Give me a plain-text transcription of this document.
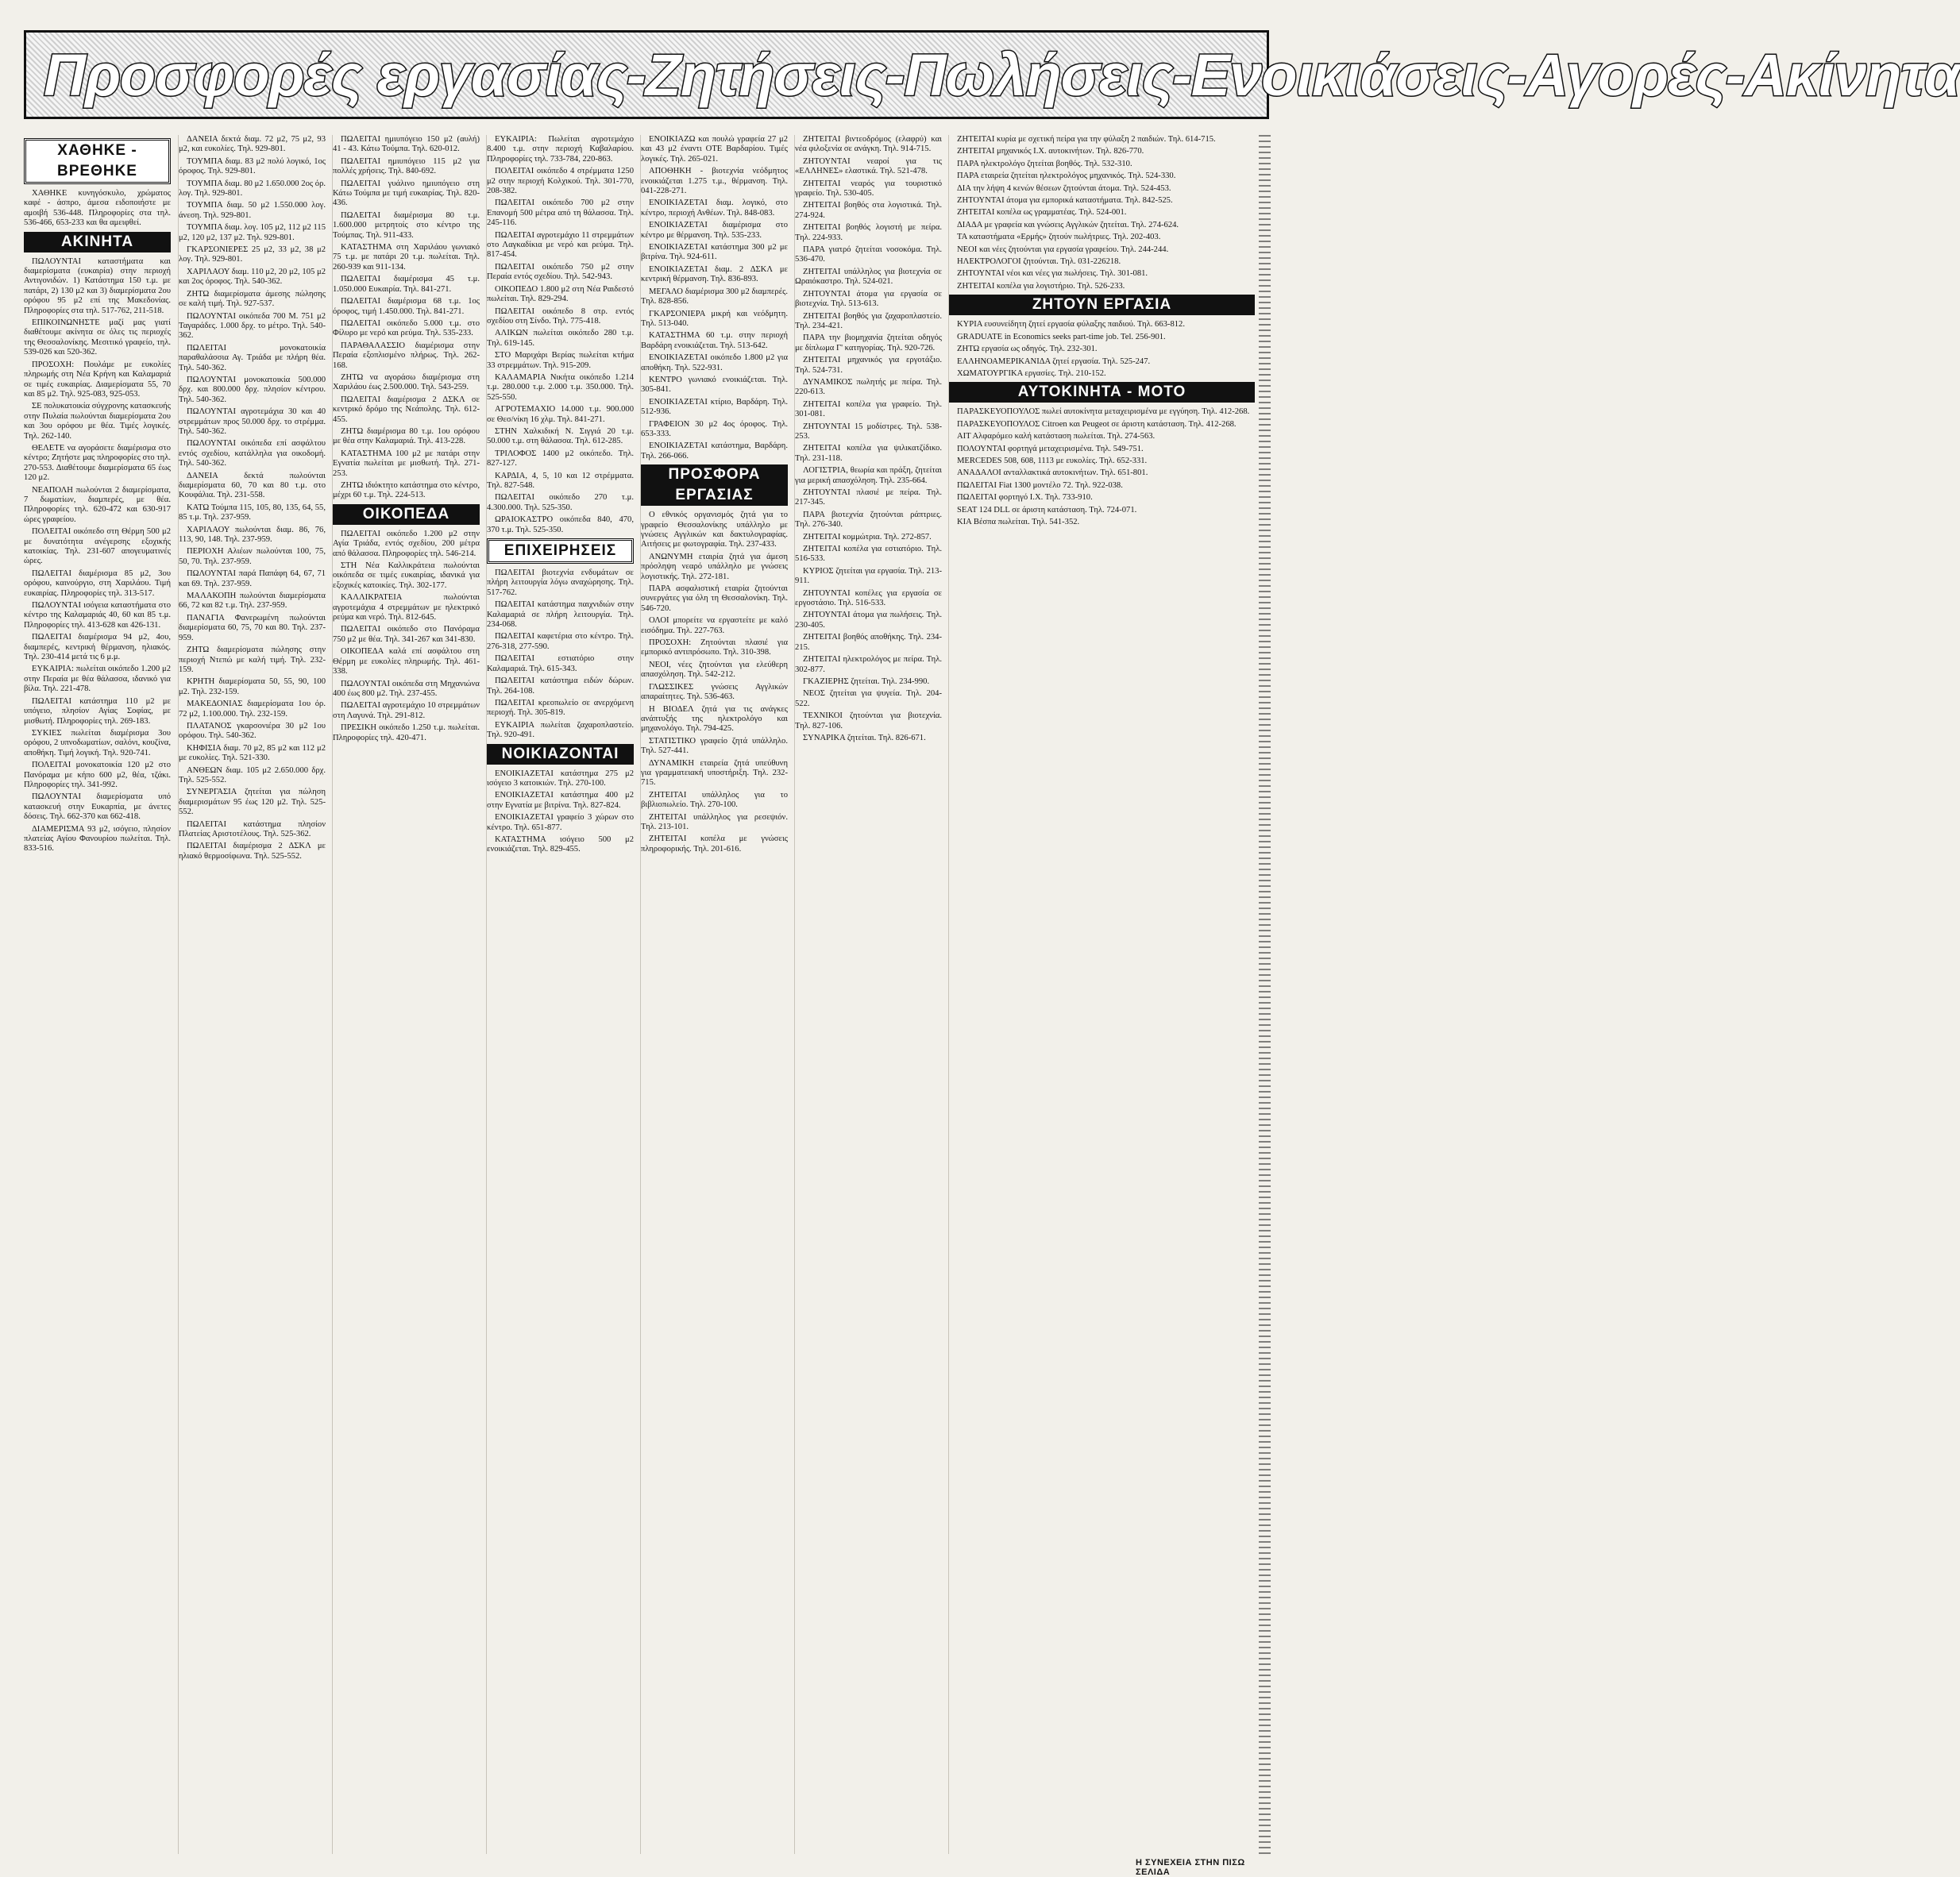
Προσφορές εργασίας-Ζητήσεις-Πωλήσεις-Ενοικιάσεις-Αγορές-Ακίνητα
ΧΑΘΗΚΕ - ΒΡΕΘΗΚΕ
ΧΑΘΗΚΕ κυνηγόσκυλο, χρώματος καφέ - άσπρο, άμεσα ειδοποιήστε με αμοιβή 536-448. Πληροφορίες στα τηλ. 536-466, 653-233 και θα αμειφθεί.
ΑΚΙΝΗΤΑ
ΠΩΛΟΥΝΤΑΙ καταστήματα και διαμερίσματα (ευκαιρία) στην περιοχή Αντιγονιδών. 1) Κατάστημα 150 τ.μ. με πατάρι, 2) 130 μ2 και 3) διαμερίσματα 2ου ορόφου 95 μ2 επί της Μακεδονίας. Πληροφορίες στα τηλ. 517-762, 211-518.
ΕΠΙΚΟΙΝΩΝΗΣΤΕ μαζί μας γιατί διαθέτουμε ακίνητα σε όλες τις περιοχές της Θεσσαλονίκης. Μεσιτικό γραφείο, τηλ. 539-026 και 520-362.
ΠΡΟΣΟΧΗ: Πουλάμε με ευκολίες πληρωμής στη Νέα Κρήνη και Καλαμαριά σε τιμές ευκαιρίας. Διαμερίσματα 55, 70 και 85 μ2. Τηλ. 925-083, 925-053.
ΣΕ πολυκατοικία σύγχρονης κατασκευής στην Πυλαία πωλούνται διαμερίσματα 2ου και 3ου ορόφου με θέα. Τιμές λογικές. Τηλ. 262-140.
ΘΕΛΕΤΕ να αγοράσετε διαμέρισμα στο κέντρο; Ζητήστε μας πληροφορίες στο τηλ. 270-553. Διαθέτουμε διαμερίσματα 65 έως 120 μ2.
ΝΕΑΠΟΛΗ πωλούνται 2 διαμερίσματα, 7 δωματίων, διαμπερές, με θέα. Πληροφορίες τηλ. 620-472 και 630-917 ώρες γραφείου.
ΠΟΛΕΙΤΑΙ οικόπεδο στη Θέρμη 500 μ2 με δυνατότητα ανέγερσης εξοχικής κατοικίας. Τηλ. 231-607 απογευματινές ώρες.
ΠΩΛΕΙΤΑΙ διαμέρισμα 85 μ2, 3ου ορόφου, καινούργιο, στη Χαριλάου. Τιμή ευκαιρίας. Πληροφορίες τηλ. 313-517.
ΠΩΛΟΥΝΤΑΙ ισόγεια καταστήματα στο κέντρο της Καλαμαριάς 40, 60 και 85 τ.μ. Πληροφορίες τηλ. 413-628 και 426-131.
ΠΩΛΕΙΤΑΙ διαμέρισμα 94 μ2, 4ου, διαμπερές, κεντρική θέρμανση, ηλιακός. Τηλ. 230-414 μετά τις 6 μ.μ.
ΕΥΚΑΙΡΙΑ: πωλείται οικόπεδο 1.200 μ2 στην Περαία με θέα θάλασσα, ιδανικό για βίλα. Τηλ. 221-478.
ΠΩΛΕΙΤΑΙ κατάστημα 110 μ2 με υπόγειο, πλησίον Αγίας Σοφίας, με μισθωτή. Πληροφορίες τηλ. 269-183.
ΣΥΚΙΕΣ πωλείται διαμέρισμα 3ου ορόφου, 2 υπνοδωματίων, σαλόνι, κουζίνα, αποθήκη. Τιμή λογική. Τηλ. 920-741.
ΠΟΛΕΙΤΑΙ μονοκατοικία 120 μ2 στο Πανόραμα με κήπο 600 μ2, θέα, τζάκι. Πληροφορίες τηλ. 341-992.
ΠΩΛΟΥΝΤΑΙ διαμερίσματα υπό κατασκευή στην Ευκαρπία, με άνετες δόσεις. Τηλ. 662-370 και 662-418.
ΔΙΑΜΕΡΙΣΜΑ 93 μ2, ισόγειο, πλησίον πλατείας Αγίου Φανουρίου πωλείται. Τηλ. 833-516.
ΔΑΝΕΙΑ δεκτά διαμ. 72 μ2, 75 μ2, 93 μ2, και ευκολίες. Τηλ. 929-801.
ΤΟΥΜΠΑ διαμ. 83 μ2 πολύ λογικό, 1ος όροφος. Τηλ. 929-801.
ΤΟΥΜΠΑ διαμ. 80 μ2 1.650.000 2ος όρ. λογ. Τηλ. 929-801.
ΤΟΥΜΠΑ διαμ. 50 μ2 1.550.000 λογ. άνεση. Τηλ. 929-801.
ΤΟΥΜΠΑ διαμ. λογ. 105 μ2, 112 μ2 115 μ2, 120 μ2, 137 μ2. Τηλ. 929-801.
ΓΚΑΡΣΟΝΙΕΡΕΣ 25 μ2, 33 μ2, 38 μ2 λογ. Τηλ. 929-801.
ΧΑΡΙΛΑΟΥ διαμ. 110 μ2, 20 μ2, 105 μ2 και 2ος όροφος. Τηλ. 540-362.
ΖΗΤΩ διαμερίσματα άμεσης πώλησης σε καλή τιμή. Τηλ. 927-537.
ΠΩΛΟΥΝΤΑΙ οικόπεδα 700 Μ. 751 μ2 Ταγαράδες. 1.000 δρχ. το μέτρο. Τηλ. 540-362.
ΠΩΛΕΙΤΑΙ μονοκατοικία παραθαλάσσια Αγ. Τριάδα με πλήρη θέα. Τηλ. 540-362.
ΠΩΛΟΥΝΤΑΙ μονοκατοικία 500.000 δρχ. και 800.000 δρχ. πλησίον κέντρου. Τηλ. 540-362.
ΠΩΛΟΥΝΤΑΙ αγροτεμάχια 30 και 40 στρεμμάτων προς 50.000 δρχ. το στρέμμα. Τηλ. 540-362.
ΠΩΛΟΥΝΤΑΙ οικόπεδα επί ασφάλτου εντός σχεδίου, κατάλληλα για οικοδομή. Τηλ. 540-362.
ΔΑΝΕΙΑ δεκτά πωλούνται διαμερίσματα 60, 70 και 80 τ.μ. στο Κουφάλια. Τηλ. 231-558.
ΚΑΤΩ Τούμπα 115, 105, 80, 135, 64, 55, 85 τ.μ. Τηλ. 237-959.
ΧΑΡΙΛΑΟΥ πωλούνται διαμ. 86, 76, 113, 90, 148. Τηλ. 237-959.
ΠΕΡΙΟΧΗ Αλιέων πωλούνται 100, 75, 50, 70. Τηλ. 237-959.
ΠΩΛΟΥΝΤΑΙ παρά Παπάφη 64, 67, 71 και 69. Τηλ. 237-959.
ΜΑΛΑΚΟΠΗ πωλούνται διαμερίσματα 66, 72 και 82 τ.μ. Τηλ. 237-959.
ΠΑΝΑΓΙΑ Φανερωμένη πωλούνται διαμερίσματα 60, 75, 70 και 80. Τηλ. 237-959.
ΖΗΤΩ διαμερίσματα πώλησης στην περιοχή Ντεπώ με καλή τιμή. Τηλ. 232-159.
ΚΡΗΤΗ διαμερίσματα 50, 55, 90, 100 μ2. Τηλ. 232-159.
ΜΑΚΕΔΟΝΙΑΣ διαμερίσματα 1ου όρ. 72 μ2, 1.100.000. Τηλ. 232-159.
ΠΛΑΤΑΝΟΣ γκαρσονιέρα 30 μ2 1ου ορόφου. Τηλ. 540-362.
ΚΗΦΙΣΙΑ διαμ. 70 μ2, 85 μ2 και 112 μ2 με ευκολίες. Τηλ. 521-330.
ΑΝΘΕΩΝ διαμ. 105 μ2 2.650.000 δρχ. Τηλ. 525-552.
ΣΥΝΕΡΓΑΣΙΑ ζητείται για πώληση διαμερισμάτων 95 έως 120 μ2. Τηλ. 525-552.
ΠΩΛΕΙΤΑΙ κατάστημα πλησίον Πλατείας Αριστοτέλους. Τηλ. 525-362.
ΠΩΛΕΙΤΑΙ διαμέρισμα 2 ΔΣΚΛ με ηλιακό θερμοσίφωνα. Τηλ. 525-552.
ΠΩΛΕΙΤΑΙ ημιυπόγειο 150 μ2 (αυλή) 41 - 43. Κάτω Τούμπα. Τηλ. 620-012.
ΠΩΛΕΙΤΑΙ ημιυπόγειο 115 μ2 για πολλές χρήσεις. Τηλ. 840-692.
ΠΩΛΕΙΤΑΙ γυάλινο ημιυπόγειο στη Κάτω Τούμπα με τιμή ευκαιρίας. Τηλ. 820-436.
ΠΩΛΕΙΤΑΙ διαμέρισμα 80 τ.μ. 1.600.000 μετρητοίς στο κέντρο της Τούμπας. Τηλ. 911-433.
ΚΑΤΑΣΤΗΜΑ στη Χαριλάου γωνιακό 75 τ.μ. με πατάρι 20 τ.μ. πωλείται. Τηλ. 260-939 και 911-134.
ΠΩΛΕΙΤΑΙ διαμέρισμα 45 τ.μ. 1.050.000 Ευκαιρία. Τηλ. 841-271.
ΠΩΛΕΙΤΑΙ διαμέρισμα 68 τ.μ. 1ος όροφος, τιμή 1.450.000. Τηλ. 841-271.
ΠΩΛΕΙΤΑΙ οικόπεδο 5.000 τ.μ. στο Φίλυρο με νερό και ρεύμα. Τηλ. 535-233.
ΠΑΡΑΘΑΛΑΣΣΙΟ διαμέρισμα στην Περαία εξοπλισμένο πλήρως. Τηλ. 262-168.
ΖΗΤΩ να αγοράσω διαμέρισμα στη Χαριλάου έως 2.500.000. Τηλ. 543-259.
ΠΩΛΕΙΤΑΙ διαμέρισμα 2 ΔΣΚΛ σε κεντρικό δρόμο της Νεάπολης. Τηλ. 612-455.
ΖΗΤΩ διαμέρισμα 80 τ.μ. 1ου ορόφου με θέα στην Καλαμαριά. Τηλ. 413-228.
ΚΑΤΑΣΤΗΜΑ 100 μ2 με πατάρι στην Εγνατία πωλείται με μισθωτή. Τηλ. 271-253.
ΖΗΤΩ ιδιόκτητο κατάστημα στο κέντρο, μέχρι 60 τ.μ. Τηλ. 224-513.
ΟΙΚΟΠΕΔΑ
ΠΩΛΕΙΤΑΙ οικόπεδο 1.200 μ2 στην Αγία Τριάδα, εντός σχεδίου, 200 μέτρα από θάλασσα. Πληροφορίες τηλ. 546-214.
ΣΤΗ Νέα Καλλικράτεια πωλούνται οικόπεδα σε τιμές ευκαιρίας, ιδανικά για εξοχικές κατοικίες. Τηλ. 302-177.
ΚΑΛΛΙΚΡΑΤΕΙΑ πωλούνται αγροτεμάχια 4 στρεμμάτων με ηλεκτρικό ρεύμα και νερό. Τηλ. 812-645.
ΠΩΛΕΙΤΑΙ οικόπεδο στο Πανόραμα 750 μ2 με θέα. Τηλ. 341-267 και 341-830.
ΟΙΚΟΠΕΔΑ καλά επί ασφάλτου στη Θέρμη με ευκολίες πληρωμής. Τηλ. 461-338.
ΠΩΛΟΥΝΤΑΙ οικόπεδα στη Μηχανιώνα 400 έως 800 μ2. Τηλ. 237-455.
ΠΩΛΕΙΤΑΙ αγροτεμάχιο 10 στρεμμάτων στη Λαγυνά. Τηλ. 291-812.
ΠΡΕΣΙΚΗ οικόπεδο 1.250 τ.μ. πωλείται. Πληροφορίες τηλ. 420-471.
ΕΥΚΑΙΡΙΑ: Πωλείται αγροτεμάχιο 8.400 τ.μ. στην περιοχή Καβαλαρίου. Πληροφορίες τηλ. 733-784, 220-863.
ΠΟΛΕΙΤΑΙ οικόπεδο 4 στρέμματα 1250 μ2 στην περιοχή Κολχικού. Τηλ. 301-770, 208-382.
ΠΩΛΕΙΤΑΙ οικόπεδο 700 μ2 στην Επανομή 500 μέτρα από τη θάλασσα. Τηλ. 245-116.
ΠΩΛΕΙΤΑΙ αγροτεμάχιο 11 στρεμμάτων στο Λαγκαδίκια με νερό και ρεύμα. Τηλ. 817-454.
ΠΩΛΕΙΤΑΙ οικόπεδο 750 μ2 στην Περαία εντός σχεδίου. Τηλ. 542-943.
ΟΙΚΟΠΕΔΟ 1.800 μ2 στη Νέα Ραιδεστό πωλείται. Τηλ. 829-294.
ΠΩΛΕΙΤΑΙ οικόπεδο 8 στρ. εντός σχεδίου στη Σίνδο. Τηλ. 775-418.
ΑΛΙΚΩΝ πωλείται οικόπεδο 280 τ.μ. Τηλ. 619-145.
ΣΤΟ Μαριχάρι Βερίας πωλείται κτήμα 33 στρεμμάτων. Τηλ. 915-209.
ΚΑΛΑΜΑΡΙΑ Νικήτα οικόπεδο 1.214 τ.μ. 280.000 τ.μ. 2.000 τ.μ. 350.000. Τηλ. 525-550.
ΑΓΡΟΤΕΜΑΧΙΟ 14.000 τ.μ. 900.000 σε Θεσ/νίκη 16 χλμ. Τηλ. 841-271.
ΣΤΗΝ Χαλκιδική Ν. Σιγγιά 20 τ.μ. 50.000 τ.μ. στη θάλασσα. Τηλ. 612-285.
ΤΡΙΛΟΦΟΣ 1400 μ2 οικόπεδο. Τηλ. 827-127.
ΚΑΡΔΙΑ, 4, 5, 10 και 12 στρέμματα. Τηλ. 827-548.
ΠΩΛΕΙΤΑΙ οικόπεδο 270 τ.μ. 4.300.000. Τηλ. 525-350.
ΩΡΑΙΟΚΑΣΤΡΟ οικόπεδα 840, 470, 370 τ.μ. Τηλ. 525-350.
ΕΠΙΧΕΙΡΗΣΕΙΣ
ΠΩΛΕΙΤΑΙ βιοτεχνία ενδυμάτων σε πλήρη λειτουργία λόγω αναχώρησης. Τηλ. 517-762.
ΠΩΛΕΙΤΑΙ κατάστημα παιχνιδιών στην Καλαμαριά σε πλήρη λειτουργία. Τηλ. 234-068.
ΠΩΛΕΙΤΑΙ καφετέρια στο κέντρο. Τηλ. 276-318, 277-590.
ΠΩΛΕΙΤΑΙ εστιατόριο στην Καλαμαριά. Τηλ. 615-343.
ΠΩΛΕΙΤΑΙ κατάστημα ειδών δώρων. Τηλ. 264-108.
ΠΩΛΕΙΤΑΙ κρεοπωλείο σε ανερχόμενη περιοχή. Τηλ. 305-819.
ΕΥΚΑΙΡΙΑ πωλείται ζαχαροπλαστείο. Τηλ. 920-491.
ΝΟΙΚΙΑΖΟΝΤΑΙ
ΕΝΟΙΚΙΑΖΕΤΑΙ κατάστημα 275 μ2 ισόγειο 3 κατοικιών. Τηλ. 270-100.
ΕΝΟΙΚΙΑΖΕΤΑΙ κατάστημα 400 μ2 στην Εγνατία με βιτρίνα. Τηλ. 827-824.
ΕΝΟΙΚΙΑΖΕΤΑΙ γραφείο 3 χώρων στο κέντρο. Τηλ. 651-877.
ΚΑΤΑΣΤΗΜΑ ισόγειο 500 μ2 ενοικιάζεται. Τηλ. 829-455.
ΕΝΟΙΚΙΑΖΩ και πουλώ γραφεία 27 μ2 και 43 μ2 έναντι ΟΤΕ Βαρδαρίου. Τιμές λογικές. Τηλ. 265-021.
ΑΠΟΘΗΚΗ - βιοτεχνία νεόδμητος ενοικιάζεται 1.275 τ.μ., θέρμανση. Τηλ. 041-228-271.
ΕΝΟΙΚΙΑΖΕΤΑΙ διαμ. λογικό, στο κέντρο, περιοχή Ανθέων. Τηλ. 848-083.
ΕΝΟΙΚΙΑΖΕΤΑΙ διαμέρισμα στο κέντρο με θέρμανση. Τηλ. 535-233.
ΕΝΟΙΚΙΑΖΕΤΑΙ κατάστημα 300 μ2 με βιτρίνα. Τηλ. 924-611.
ΕΝΟΙΚΙΑΖΕΤΑΙ διαμ. 2 ΔΣΚΛ με κεντρική θέρμανση. Τηλ. 836-893.
ΜΕΓΑΛΟ διαμέρισμα 300 μ2 διαμπερές. Τηλ. 828-856.
ΓΚΑΡΣΟΝΙΕΡΑ μικρή και νεόδμητη. Τηλ. 513-040.
ΚΑΤΑΣΤΗΜΑ 60 τ.μ. στην περιοχή Βαρδάρη ενοικιάζεται. Τηλ. 513-642.
ΕΝΟΙΚΙΑΖΕΤΑΙ οικόπεδο 1.800 μ2 για αποθήκη. Τηλ. 522-931.
ΚΕΝΤΡΟ γωνιακό ενοικιάζεται. Τηλ. 305-841.
ΕΝΟΙΚΙΑΖΕΤΑΙ κτίριο, Βαρδάρη. Τηλ. 512-936.
ΓΡΑΦΕΙΟΝ 30 μ2 4ος όροφος. Τηλ. 653-333.
ΕΝΟΙΚΙΑΖΕΤΑΙ κατάστημα, Βαρδάρη. Τηλ. 266-066.
ΠΡΟΣΦΟΡΑ ΕΡΓΑΣΙΑΣ
Ο εθνικός οργανισμός ζητά για το γραφείο Θεσσαλονίκης υπάλληλο με γνώσεις Αγγλικών και δακτυλογραφίας. Αιτήσεις με φωτογραφία. Τηλ. 237-433.
ΑΝΩΝΥΜΗ εταιρία ζητά για άμεση πρόσληψη νεαρό υπάλληλο με γνώσεις λογιστικής. Τηλ. 272-181.
ΠΑΡΑ ασφαλιστική εταιρία ζητούνται συνεργάτες για όλη τη Θεσσαλονίκη. Τηλ. 546-720.
ΟΛΟΙ μπορείτε να εργαστείτε με καλό εισόδημα. Τηλ. 227-763.
ΠΡΟΣΟΧΗ: Ζητούνται πλασιέ για εμπορικό αντιπρόσωπο. Τηλ. 310-398.
ΝΕΟΙ, νέες ζητούνται για ελεύθερη απασχόληση. Τηλ. 542-212.
ΓΛΩΣΣΙΚΕΣ γνώσεις Αγγλικών απαραίτητες. Τηλ. 536-463.
Η ΒΙΟΔΕΛ ζητά για τις ανάγκες ανάπτυξής της ηλεκτρολόγο και μηχανολόγο. Τηλ. 794-425.
ΣΤΑΤΙΣΤΙΚΟ γραφείο ζητά υπάλληλο. Τηλ. 527-441.
ΔΥΝΑΜΙΚΗ εταιρεία ζητά υπεύθυνη για γραμματειακή υποστήριξη. Τηλ. 232-715.
ΖΗΤΕΙΤΑΙ υπάλληλος για το βιβλιοπωλείο. Τηλ. 270-100.
ΖΗΤΕΙΤΑΙ υπάλληλος για ρεσεψιόν. Τηλ. 213-101.
ΖΗΤΕΙΤΑΙ κοπέλα με γνώσεις πληροφορικής. Τηλ. 201-616.
ΖΗΤΕΙΤΑΙ βιντεοδρόμος (ελαφρύ) και νέα φιλοξενία σε ανάγκη. Τηλ. 914-715.
ΖΗΤΟΥΝΤΑΙ νεαροί για τις «ΕΛΛΗΝΕΣ» ελαστικά. Τηλ. 521-478.
ΖΗΤΕΙΤΑΙ νεαρός για τουριστικό γραφείο. Τηλ. 530-405.
ΖΗΤΕΙΤΑΙ βοηθός στα λογιστικά. Τηλ. 274-924.
ΖΗΤΕΙΤΑΙ βοηθός λογιστή με πείρα. Τηλ. 224-933.
ΠΑΡΑ γιατρό ζητείται νοσοκόμα. Τηλ. 536-470.
ΖΗΤΕΙΤΑΙ υπάλληλος για βιοτεχνία σε Ωραιόκαστρο. Τηλ. 524-021.
ΖΗΤΟΥΝΤΑΙ άτομα για εργασία σε βιοτεχνία. Τηλ. 513-613.
ΖΗΤΕΙΤΑΙ βοηθός για ζαχαροπλαστείο. Τηλ. 234-421.
ΠΑΡΑ την βιομηχανία ζητείται οδηγός με δίπλωμα Γ' κατηγορίας. Τηλ. 920-726.
ΖΗΤΕΙΤΑΙ μηχανικός για εργοτάξιο. Τηλ. 524-731.
ΔΥΝΑΜΙΚΟΣ πωλητής με πείρα. Τηλ. 220-613.
ΖΗΤΕΙΤΑΙ κοπέλα για γραφείο. Τηλ. 301-081.
ΖΗΤΟΥΝΤΑΙ 15 μοδίστρες. Τηλ. 538-253.
ΖΗΤΕΙΤΑΙ κοπέλα για ψιλικατζίδικο. Τηλ. 231-118.
ΛΟΓΙΣΤΡΙΑ, θεωρία και πράξη, ζητείται για μερική απασχόληση. Τηλ. 235-664.
ΖΗΤΟΥΝΤΑΙ πλασιέ με πείρα. Τηλ. 217-345.
ΠΑΡΑ βιοτεχνία ζητούνται ράπτριες. Τηλ. 276-340.
ΖΗΤΕΙΤΑΙ κομμώτρια. Τηλ. 272-857.
ΖΗΤΕΙΤΑΙ κοπέλα για εστιατόριο. Τηλ. 516-533.
ΚΥΡΙΟΣ ζητείται για εργασία. Τηλ. 213-911.
ΖΗΤΟΥΝΤΑΙ κοπέλες για εργασία σε εργοστάσιο. Τηλ. 516-533.
ΖΗΤΟΥΝΤΑΙ άτομα για πωλήσεις. Τηλ. 230-405.
ΖΗΤΕΙΤΑΙ βοηθός αποθήκης. Τηλ. 234-215.
ΖΗΤΕΙΤΑΙ ηλεκτρολόγος με πείρα. Τηλ. 302-877.
ΓΚΑΖΙΕΡΗΣ ζητείται. Τηλ. 234-990.
ΝΕΟΣ ζητείται για ψυγεία. Τηλ. 204-522.
ΤΕΧΝΙΚΟΙ ζητούνται για βιοτεχνία. Τηλ. 827-106.
ΣΥΝΑΡΙΚΑ ζητείται. Τηλ. 826-671.
ΖΗΤΕΙΤΑΙ κυρία με σχετική πείρα για την φύλαξη 2 παιδιών. Τηλ. 614-715.
ΖΗΤΕΙΤΑΙ μηχανικός Ι.Χ. αυτοκινήτων. Τηλ. 826-770.
ΠΑΡΑ ηλεκτρολόγο ζητείται βοηθός. Τηλ. 532-310.
ΠΑΡΑ εταιρεία ζητείται ηλεκτρολόγος μηχανικός. Τηλ. 524-330.
ΔΙΑ την λήψη 4 κενών θέσεων ζητούνται άτομα. Τηλ. 524-453.
ΖΗΤΟΥΝΤΑΙ άτομα για εμπορικά καταστήματα. Τηλ. 842-525.
ΖΗΤΕΙΤΑΙ κοπέλα ως γραμματέας. Τηλ. 524-001.
ΔΙΑΔΑ με γραφεία και γνώσεις Αγγλικών ζητείται. Τηλ. 274-624.
ΤΑ καταστήματα «Ερμής» ζητούν πωλήτριες. Τηλ. 202-403.
ΝΕΟΙ και νέες ζητούνται για εργασία γραφείου. Τηλ. 244-244.
ΗΛΕΚΤΡΟΛΟΓΟΙ ζητούνται. Τηλ. 031-226218.
ΖΗΤΟΥΝΤΑΙ νέοι και νέες για πωλήσεις. Τηλ. 301-081.
ΖΗΤΕΙΤΑΙ κοπέλα για λογιστήριο. Τηλ. 526-233.
ΖΗΤΟΥΝ ΕΡΓΑΣΙΑ
ΚΥΡΙΑ ευσυνείδητη ζητεί εργασία φύλαξης παιδιού. Τηλ. 663-812.
GRADUATE in Economics seeks part-time job. Tel. 256-901.
ΖΗΤΩ εργασία ως οδηγός. Τηλ. 232-301.
ΕΛΛΗΝΟΑΜΕΡΙΚΑΝΙΔΑ ζητεί εργασία. Τηλ. 525-247.
ΧΩΜΑΤΟΥΡΓΙΚΑ εργασίες. Τηλ. 210-152.
ΑΥΤΟΚΙΝΗΤΑ - ΜΟΤΟ
ΠΑΡΑΣΚΕΥΟΠΟΥΛΟΣ πωλεί αυτοκίνητα μεταχειρισμένα με εγγύηση. Τηλ. 412-268.
ΠΑΡΑΣΚΕΥΟΠΟΥΛΟΣ Citroen και Peugeot σε άριστη κατάσταση. Τηλ. 412-268.
ΑΙΤ Αλφαρόμεο καλή κατάσταση πωλείται. Τηλ. 274-563.
ΠΟΛΟΥΝΤΑΙ φορτηγά μεταχειρισμένα. Τηλ. 549-751.
MERCEDES 508, 608, 1113 με ευκολίες. Τηλ. 652-331.
ΑΝΑΔΑΛΟΙ ανταλλακτικά αυτοκινήτων. Τηλ. 651-801.
ΠΩΛΕΙΤΑΙ Fiat 1300 μοντέλο 72. Τηλ. 922-038.
ΠΩΛΕΙΤΑΙ φορτηγό Ι.Χ. Τηλ. 733-910.
SEAT 124 DLL σε άριστη κατάσταση. Τηλ. 724-071.
ΚΙΑ Βέσπα πωλείται. Τηλ. 541-352.
Η ΣΥΝΕΧΕΙΑ ΣΤΗΝ ΠΙΣΩ ΣΕΛΙΔΑ
